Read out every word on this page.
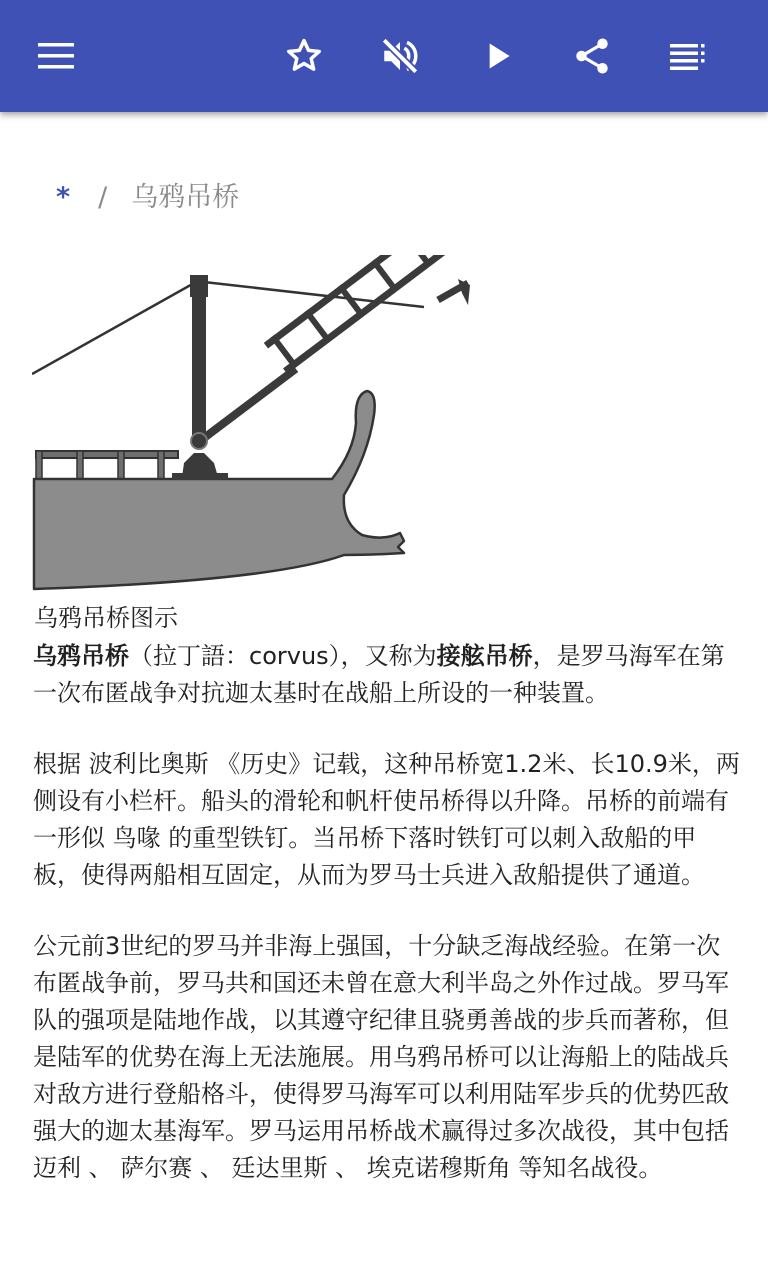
* / 乌鸦吊桥
乌鸦吊桥图示

乌鸦吊桥（拉丁語：corvus），又称为接舷吊桥，是罗马海军在第一次布匿战争对抗迦太基时在战船上所设的一种装置。

根据 波利比奥斯 《历史》记载，这种吊桥宽1.2米、长10.9米，两侧设有小栏杆。船头的滑轮和帆杆使吊桥得以升降。吊桥的前端有一形似 鸟喙 的重型铁钉。当吊桥下落时铁钉可以刺入敌船的甲板，使得两船相互固定，从而为罗马士兵进入敌船提供了通道。

公元前3世纪的罗马并非海上强国，十分缺乏海战经验。在第一次布匿战争前，罗马共和国还未曾在意大利半岛之外作过战。罗马军队的强项是陆地作战，以其遵守纪律且骁勇善战的步兵而著称，但是陆军的优势在海上无法施展。用乌鸦吊桥可以让海船上的陆战兵对敌方进行登船格斗，使得罗马海军可以利用陆军步兵的优势匹敌强大的迦太基海军。罗马运用吊桥战术赢得过多次战役，其中包括 迈利 、 萨尔赛 、 廷达里斯 、 埃克诺穆斯角 等知名战役。
